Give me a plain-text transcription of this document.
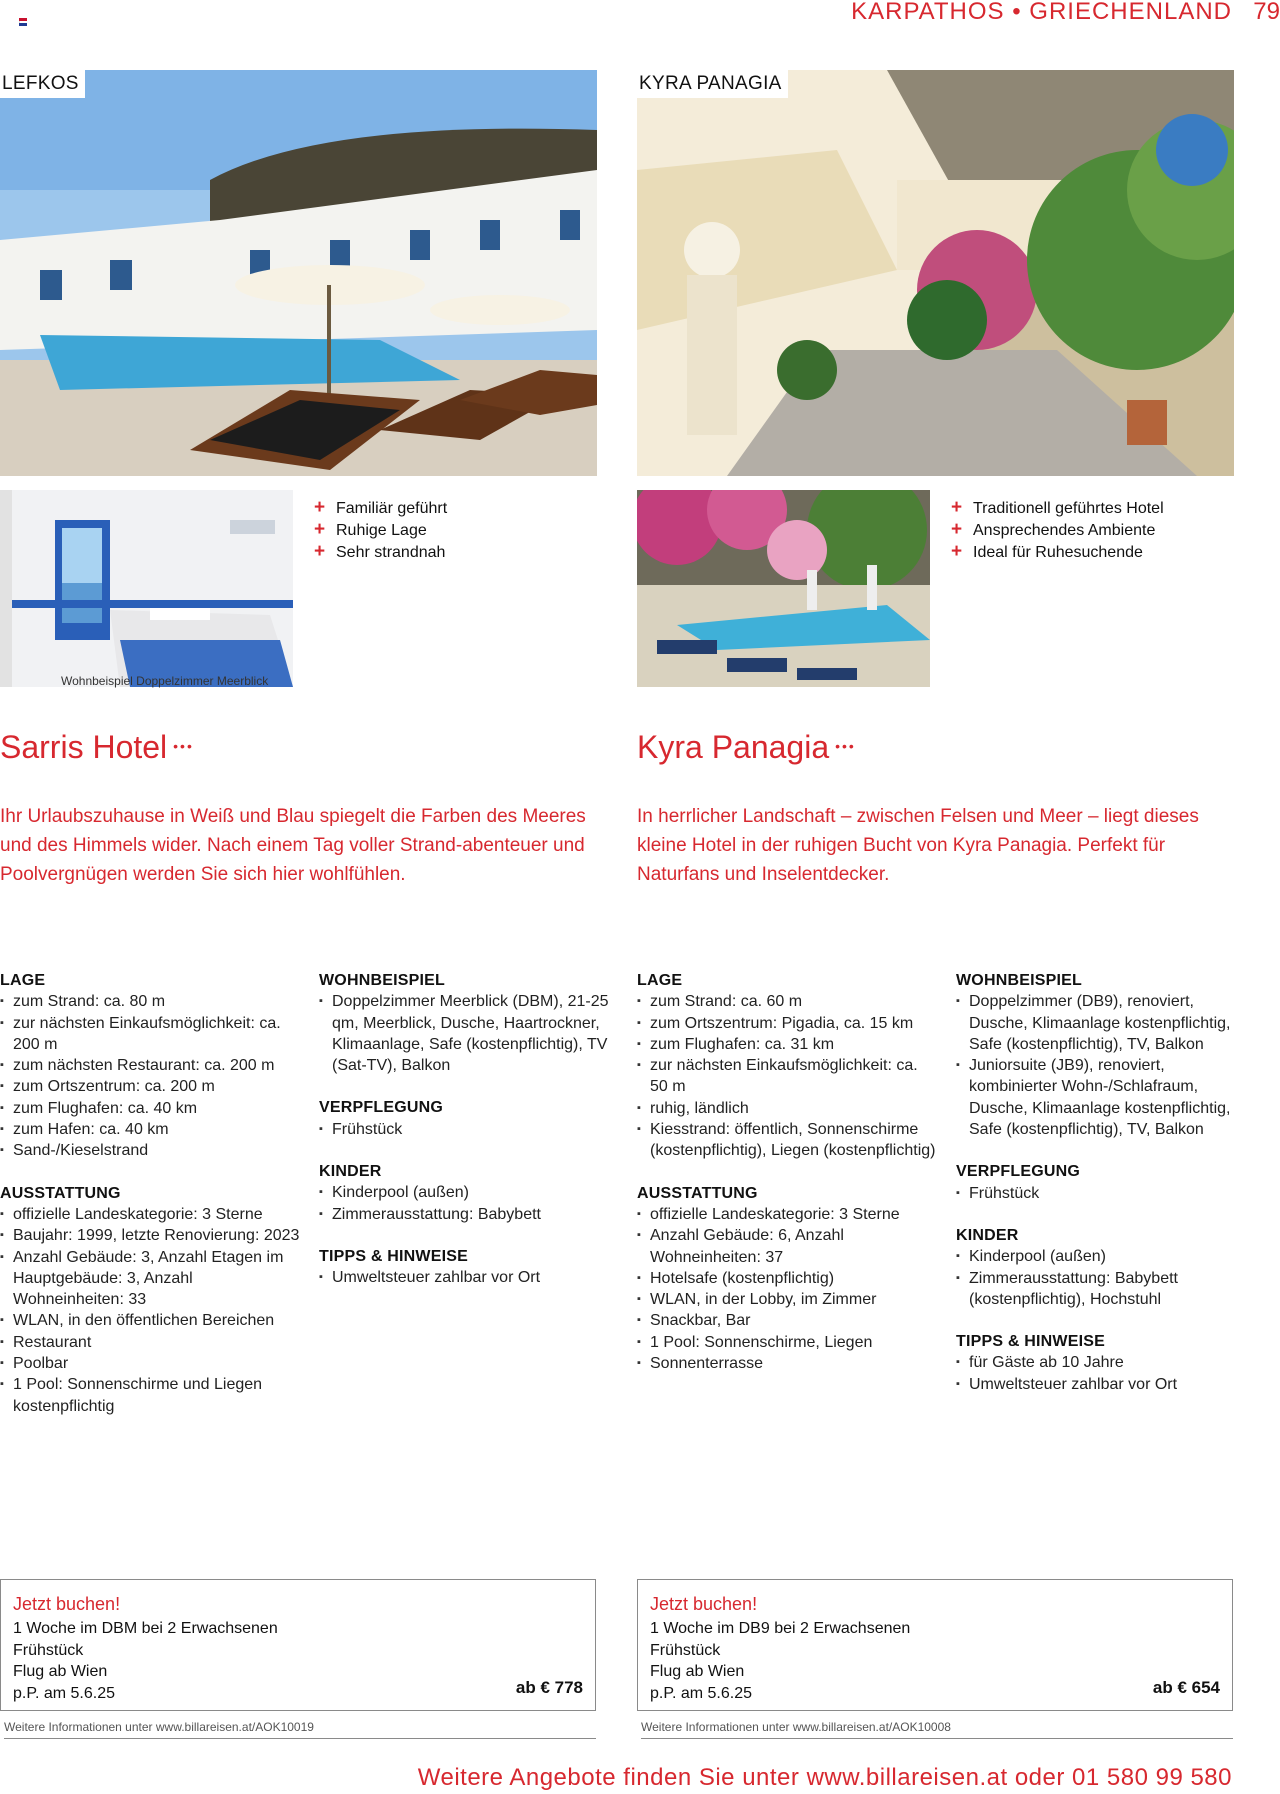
KARPATHOS • GRIECHENLAND 79
LEFKOS	KYRA PANAGIA
Wohnbeispiel Doppelzimmer Meerblick
+ Familiär geführt
+ Ruhige Lage
+ Sehr strandnah
+ Traditionell geführtes Hotel
+ Ansprechendes Ambiente
+ Ideal für Ruhesuchende
Sarris Hotel •••	Kyra Panagia •••
Ihr Urlaubszuhause in Weiß und Blau spiegelt die Farben des Meeres und des Himmels wider. Nach einem Tag voller Strand-abenteuer und Poolvergnügen werden Sie sich hier wohlfühlen.
In herrlicher Landschaft – zwischen Felsen und Meer – liegt dieses kleine Hotel in der ruhigen Bucht von Kyra Panagia. Perfekt für Naturfans und Inselentdecker.
LAGE
▪ zum Strand: ca. 80 m
▪ zur nächsten Einkaufsmöglichkeit: ca. 200 m
▪ zum nächsten Restaurant: ca. 200 m
▪ zum Ortszentrum: ca. 200 m
▪ zum Flughafen: ca. 40 km
▪ zum Hafen: ca. 40 km
▪ Sand-/Kieselstrand
AUSSTATTUNG
▪ offizielle Landeskategorie: 3 Sterne
▪ Baujahr: 1999, letzte Renovierung: 2023
▪ Anzahl Gebäude: 3, Anzahl Etagen im Hauptgebäude: 3, Anzahl Wohneinheiten: 33
▪ WLAN, in den öffentlichen Bereichen
▪ Restaurant
▪ Poolbar
▪ 1 Pool: Sonnenschirme und Liegen kostenpflichtig
WOHNBEISPIEL
▪ Doppelzimmer Meerblick (DBM), 21-25 qm, Meerblick, Dusche, Haartrockner, Klimaanlage, Safe (kostenpflichtig), TV (Sat-TV), Balkon
VERPFLEGUNG
▪ Frühstück
KINDER
▪ Kinderpool (außen)
▪ Zimmerausstattung: Babybett
TIPPS & HINWEISE
▪ Umweltsteuer zahlbar vor Ort
LAGE
▪ zum Strand: ca. 60 m
▪ zum Ortszentrum: Pigadia, ca. 15 km
▪ zum Flughafen: ca. 31 km
▪ zur nächsten Einkaufsmöglichkeit: ca. 50 m
▪ ruhig, ländlich
▪ Kiesstrand: öffentlich, Sonnenschirme (kostenpflichtig), Liegen (kostenpflichtig)
AUSSTATTUNG
▪ offizielle Landeskategorie: 3 Sterne
▪ Anzahl Gebäude: 6, Anzahl Wohneinheiten: 37
▪ Hotelsafe (kostenpflichtig)
▪ WLAN, in der Lobby, im Zimmer
▪ Snackbar, Bar
▪ 1 Pool: Sonnenschirme, Liegen
▪ Sonnenterrasse
WOHNBEISPIEL
▪ Doppelzimmer (DB9), renoviert, Dusche, Klimaanlage kostenpflichtig, Safe (kostenpflichtig), TV, Balkon
▪ Juniorsuite (JB9), renoviert, kombinierter Wohn-/Schlafraum, Dusche, Klimaanlage kostenpflichtig, Safe (kostenpflichtig), TV, Balkon
VERPFLEGUNG
▪ Frühstück
KINDER
▪ Kinderpool (außen)
▪ Zimmerausstattung: Babybett (kostenpflichtig), Hochstuhl
TIPPS & HINWEISE
▪ für Gäste ab 10 Jahre
▪ Umweltsteuer zahlbar vor Ort
Jetzt buchen!
1 Woche im DBM bei 2 Erwachsenen
Frühstück
Flug ab Wien
p.P. am 5.6.25	ab € 778
Jetzt buchen!
1 Woche im DB9 bei 2 Erwachsenen
Frühstück
Flug ab Wien
p.P. am 5.6.25	ab € 654
Weitere Informationen unter www.billareisen.at/AOK10019	Weitere Informationen unter www.billareisen.at/AOK10008
Weitere Angebote finden Sie unter www.billareisen.at oder 01 580 99 580
